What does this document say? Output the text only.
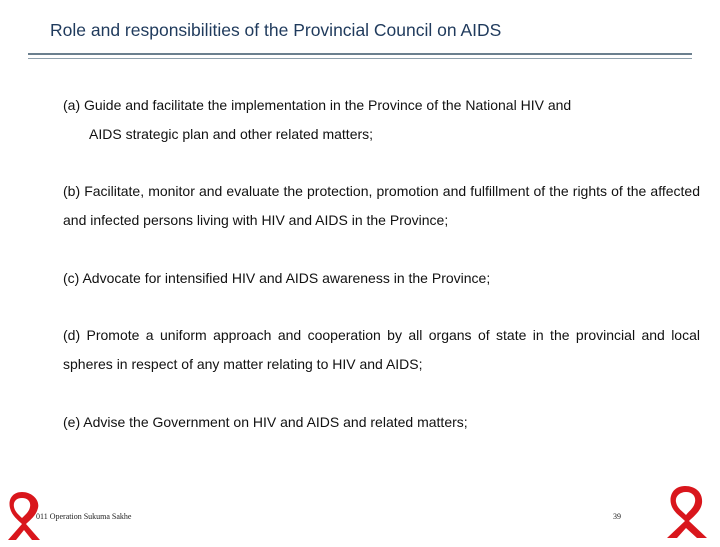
Role and responsibilities of the Provincial Council on AIDS
(a) Guide and facilitate the implementation in the Province of the National HIV and
AIDS strategic plan and other related matters;
(b) Facilitate, monitor and evaluate the protection, promotion and fulfillment of the rights of the affected and infected persons living with HIV and AIDS in the Province;
(c) Advocate for intensified HIV and AIDS awareness in the Province;
(d) Promote a uniform approach and cooperation by all organs of state in the provincial and local spheres in respect of any matter relating to HIV and AIDS;
(e) Advise the Government on HIV and AIDS and related matters;
011 Operation Sukuma Sakhe	39
